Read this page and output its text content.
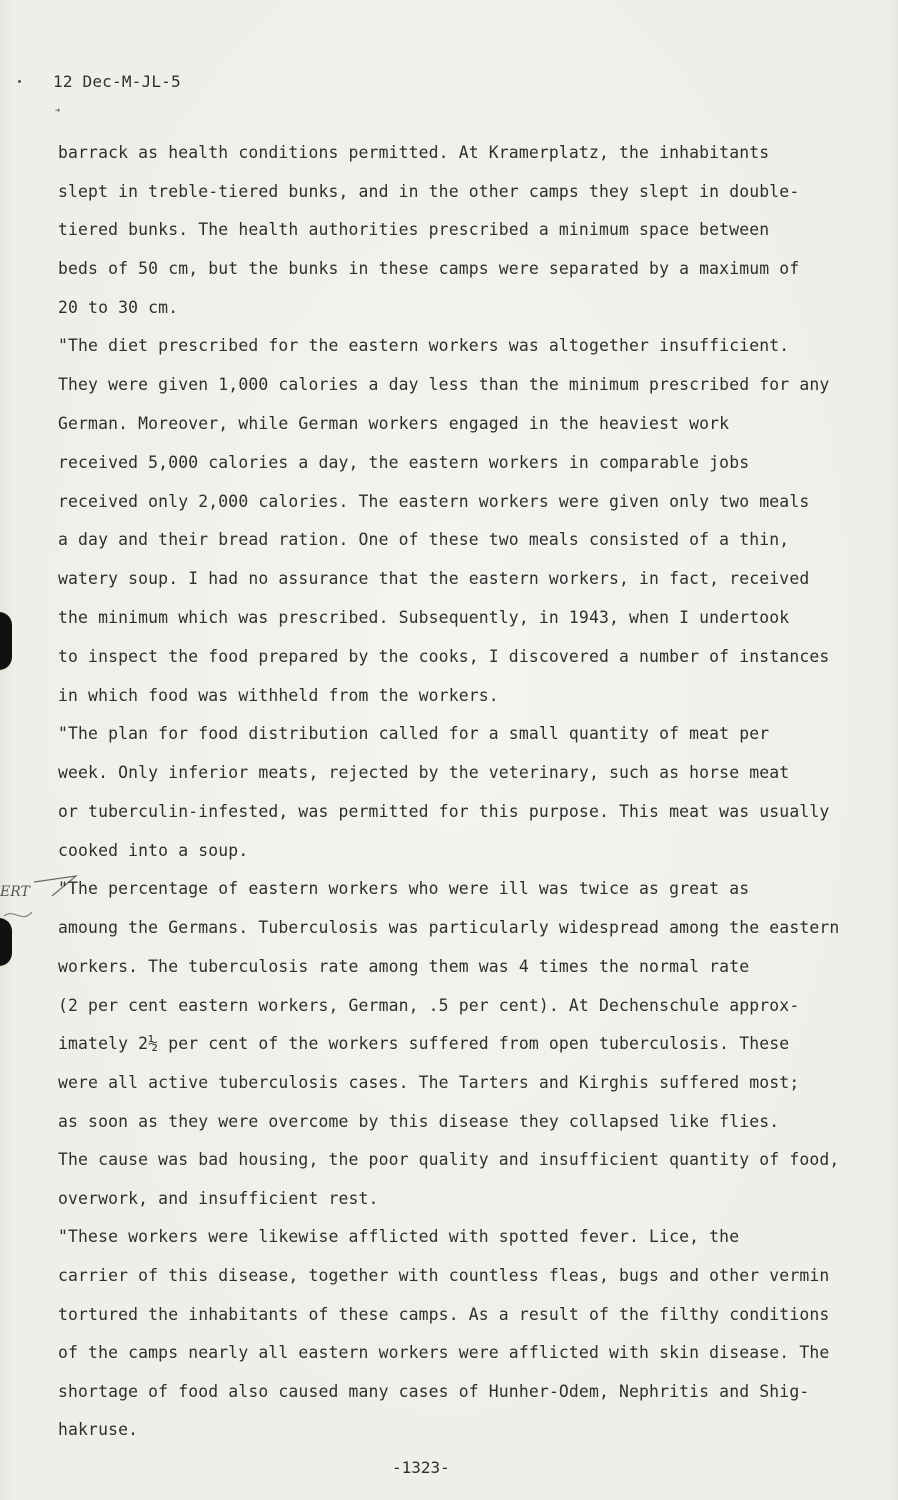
12 Dec-M-JL-5
➔
ERT
barrack as health conditions permitted. At Kramerplatz, the inhabitants
slept in treble-tiered bunks, and in the other camps they slept in double-
tiered bunks. The health authorities prescribed a minimum space between
beds of 50 cm, but the bunks in these camps were separated by a maximum of
20 to 30 cm.
"The diet prescribed for the eastern workers was altogether insufficient.
They were given 1,000 calories a day less than the minimum prescribed for any
German. Moreover, while German workers engaged in the heaviest work
received 5,000 calories a day, the eastern workers in comparable jobs
received only 2,000 calories. The eastern workers were given only two meals
a day and their bread ration. One of these two meals consisted of a thin,
watery soup. I had no assurance that the eastern workers, in fact, received
the minimum which was prescribed. Subsequently, in 1943, when I undertook
to inspect the food prepared by the cooks, I discovered a number of instances
in which food was withheld from the workers.
"The plan for food distribution called for a small quantity of meat per
week. Only inferior meats, rejected by the veterinary, such as horse meat
or tuberculin-infested, was permitted for this purpose. This meat was usually
cooked into a soup.
"The percentage of eastern workers who were ill was twice as great as
amoung the Germans. Tuberculosis was particularly widespread among the eastern
workers. The tuberculosis rate among them was 4 times the normal rate
(2 per cent eastern workers, German, .5 per cent). At Dechenschule approx-
imately 2½ per cent of the workers suffered from open tuberculosis. These
were all active tuberculosis cases. The Tarters and Kirghis suffered most;
as soon as they were overcome by this disease they collapsed like flies.
The cause was bad housing, the poor quality and insufficient quantity of food,
overwork, and insufficient rest.
"These workers were likewise afflicted with spotted fever. Lice, the
carrier of this disease, together with countless fleas, bugs and other vermin
tortured the inhabitants of these camps. As a result of the filthy conditions
of the camps nearly all eastern workers were afflicted with skin disease. The
shortage of food also caused many cases of Hunher-Odem, Nephritis and Shig-
hakruse.
-1323-
